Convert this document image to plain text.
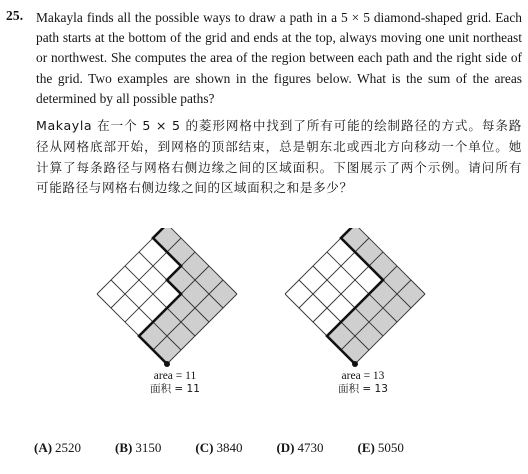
25. Makayla finds all the possible ways to draw a path in a 5 × 5 diamond-shaped grid. Each path starts at the bottom of the grid and ends at the top, always moving one unit northeast or northwest. She computes the area of the region between each path and the right side of the grid. Two examples are shown in the figures below. What is the sum of the areas determined by all possible paths?
Makayla 在一个 5 × 5 的菱形网格中找到了所有可能的绘制路径的方式。每条路径从网格底部开始，到网格的顶部结束，总是朝东北或西北方向移动一个单位。她计算了每条路径与网格右侧边缘之间的区域面积。下图展示了两个示例。请问所有可能路径与网格右侧边缘之间的区域面积之和是多少？
area = 11
面积 = 11
area = 13
面积 = 13
(A) 2520	(B) 3150	(C) 3840	(D) 4730	(E) 5050
